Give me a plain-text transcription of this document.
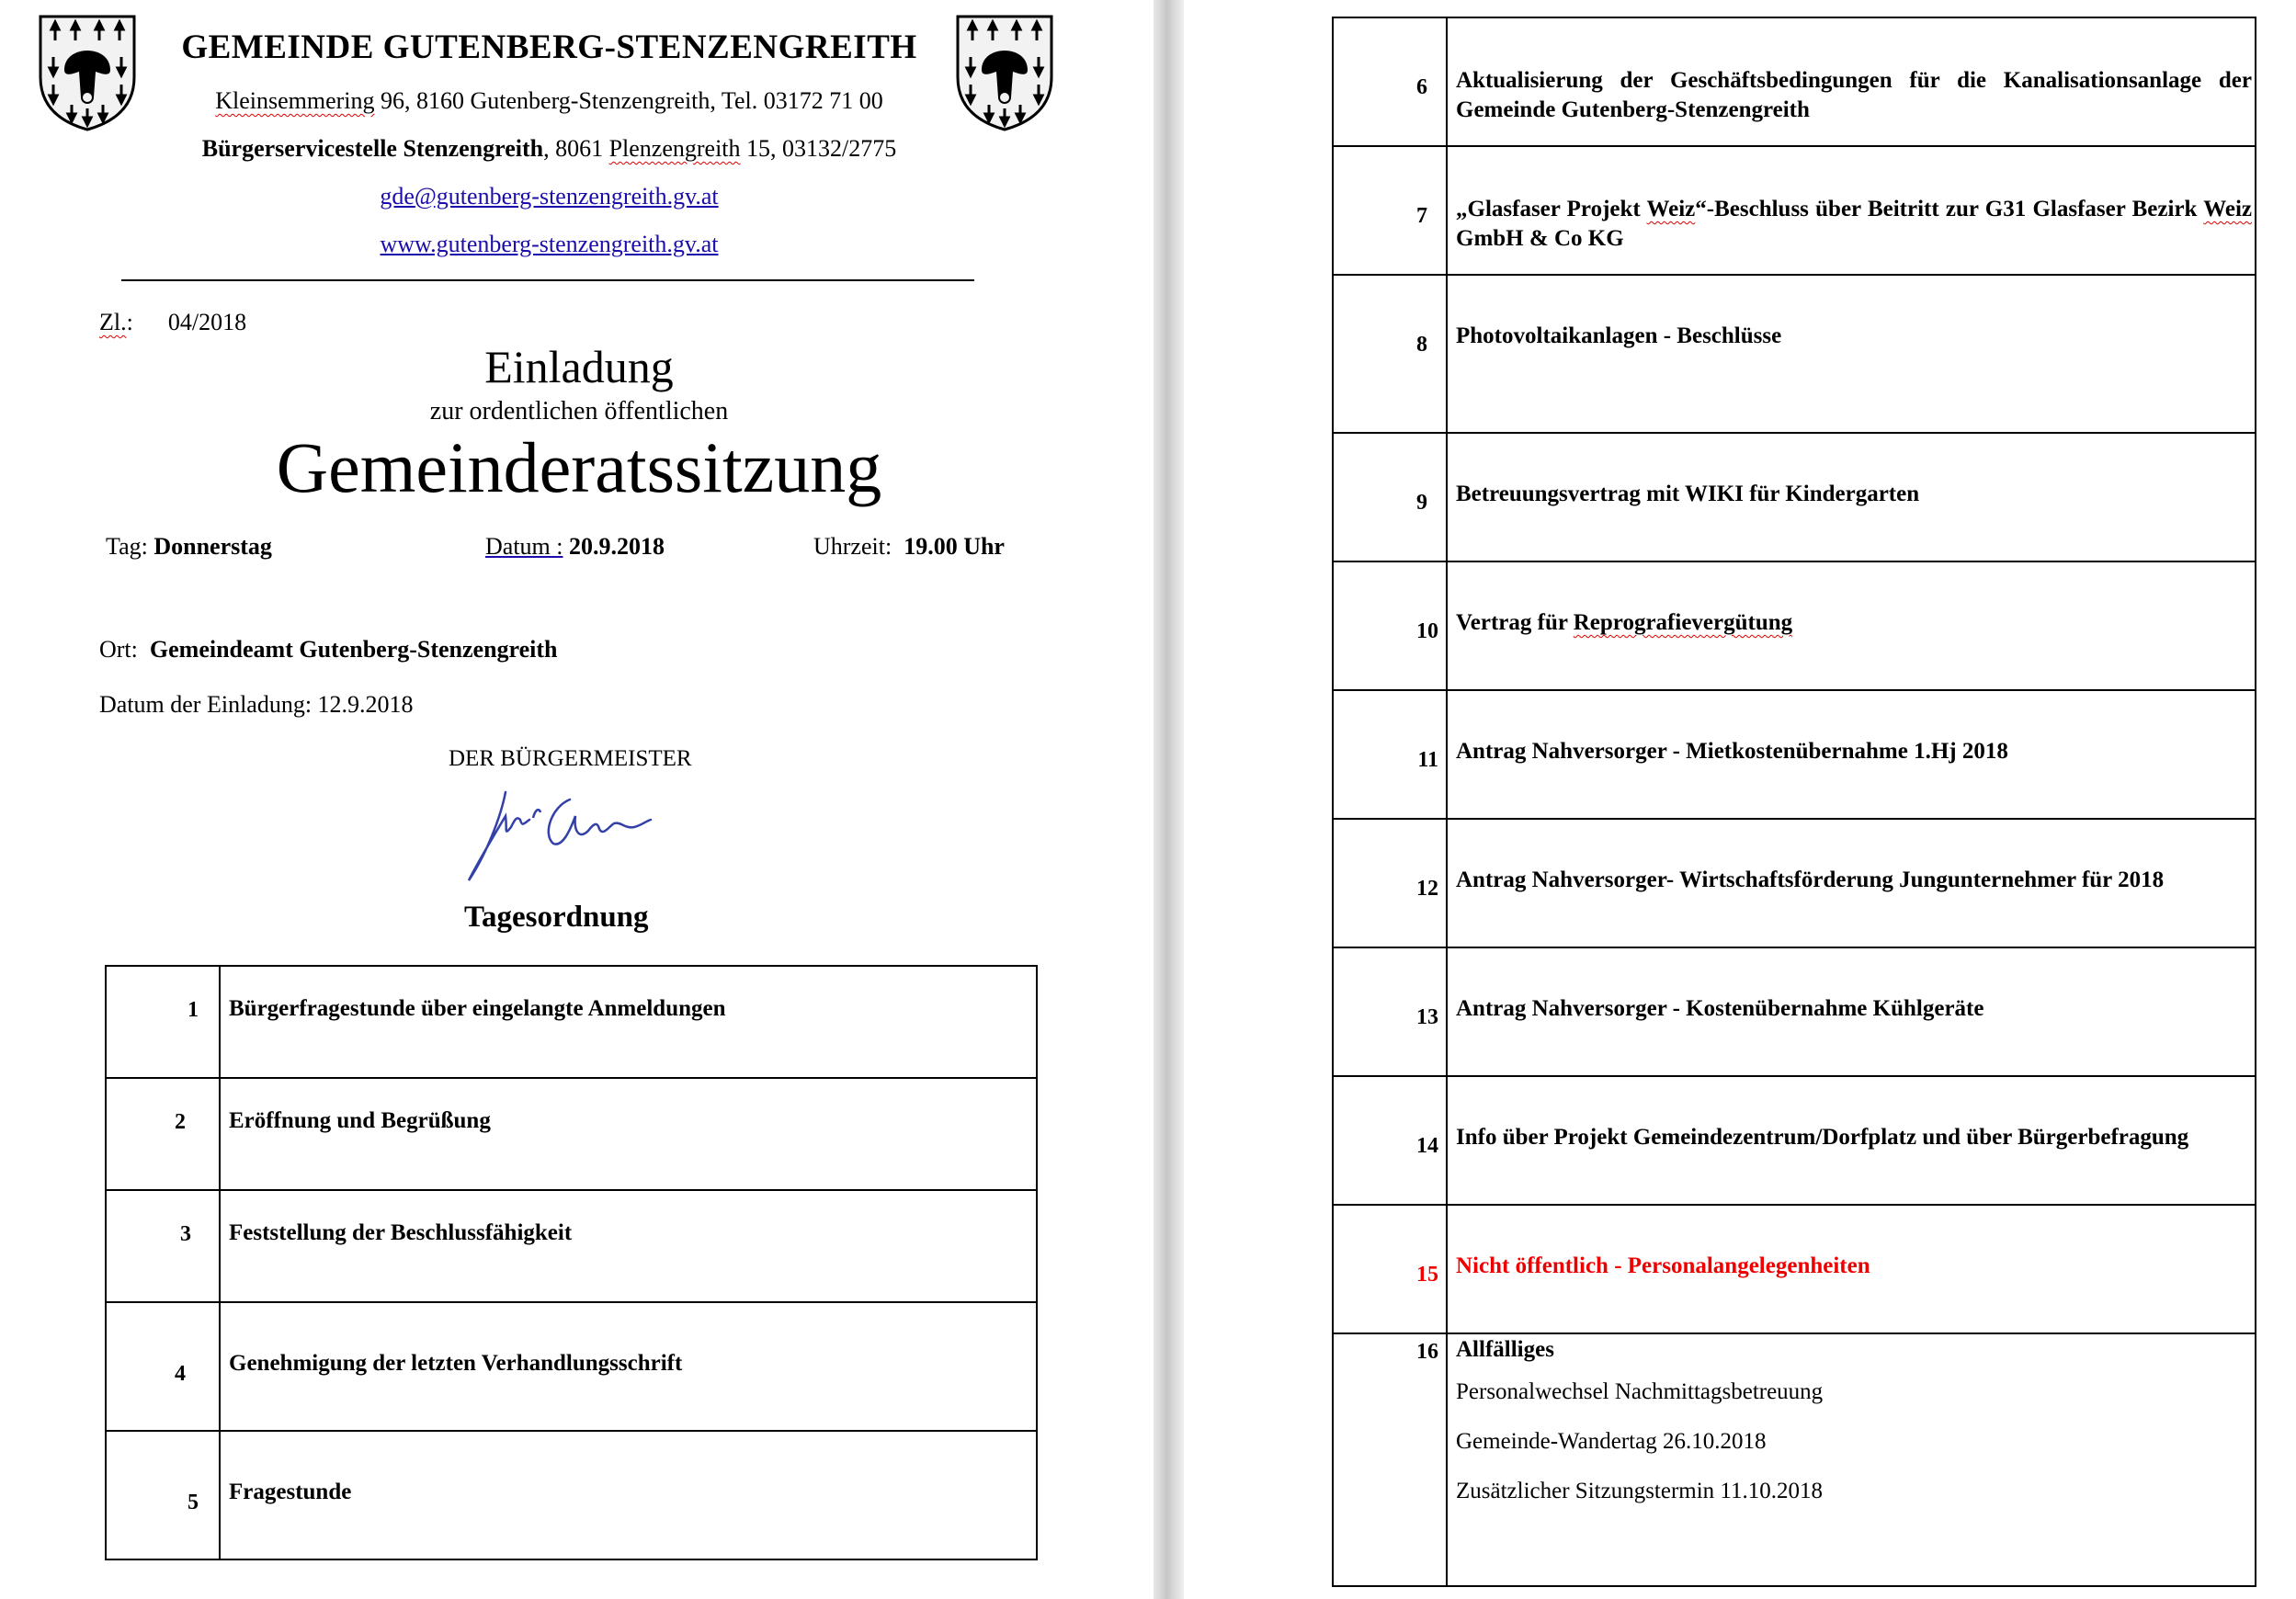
GEMEINDE GUTENBERG-STENZENGREITH
Kleinsemmering 96, 8160 Gutenberg-Stenzengreith, Tel. 03172 71 00
Bürgerservicestelle Stenzengreith, 8061 Plenzengreith 15, 03132/2775
gde@gutenberg-stenzengreith.gv.at
www.gutenberg-stenzengreith.gv.at
Zl.: 04/2018
Einladung
zur ordentlichen öffentlichen
Gemeinderatssitzung
Tag: Donnerstag	Datum : 20.9.2018	Uhrzeit: 19.00 Uhr
Ort: Gemeindeamt Gutenberg-Stenzengreith
Datum der Einladung: 12.9.2018
DER BÜRGERMEISTER
Tagesordnung
1	Bürgerfragestunde über eingelangte Anmeldungen

2	Eröffnung und Begrüßung

3	Feststellung der Beschlussfähigkeit

4	Genehmigung der letzten Verhandlungsschrift

5	Fragestunde
6	Aktualisierung der Geschäftsbedingungen für die Kanalisationsanlage der Gemeinde Gutenberg-Stenzengreith

7	„Glasfaser Projekt Weiz“-Beschluss über Beitritt zur G31 Glasfaser Bezirk Weiz GmbH & Co KG

8	Photovoltaikanlagen - Beschlüsse

9	Betreuungsvertrag mit WIKI für Kindergarten

10	Vertrag für Reprografievergütung

11	Antrag Nahversorger - Mietkostenübernahme 1.Hj 2018

12	Antrag Nahversorger- Wirtschaftsförderung Jungunternehmer für 2018

13	Antrag Nahversorger - Kostenübernahme Kühlgeräte

14	Info über Projekt Gemeindezentrum/Dorfplatz und über Bürgerbefragung

15	Nicht öffentlich - Personalangelegenheiten

16	Allfälliges
Personalwechsel Nachmittagsbetreuung
Gemeinde-Wandertag 26.10.2018
Zusätzlicher Sitzungstermin 11.10.2018
